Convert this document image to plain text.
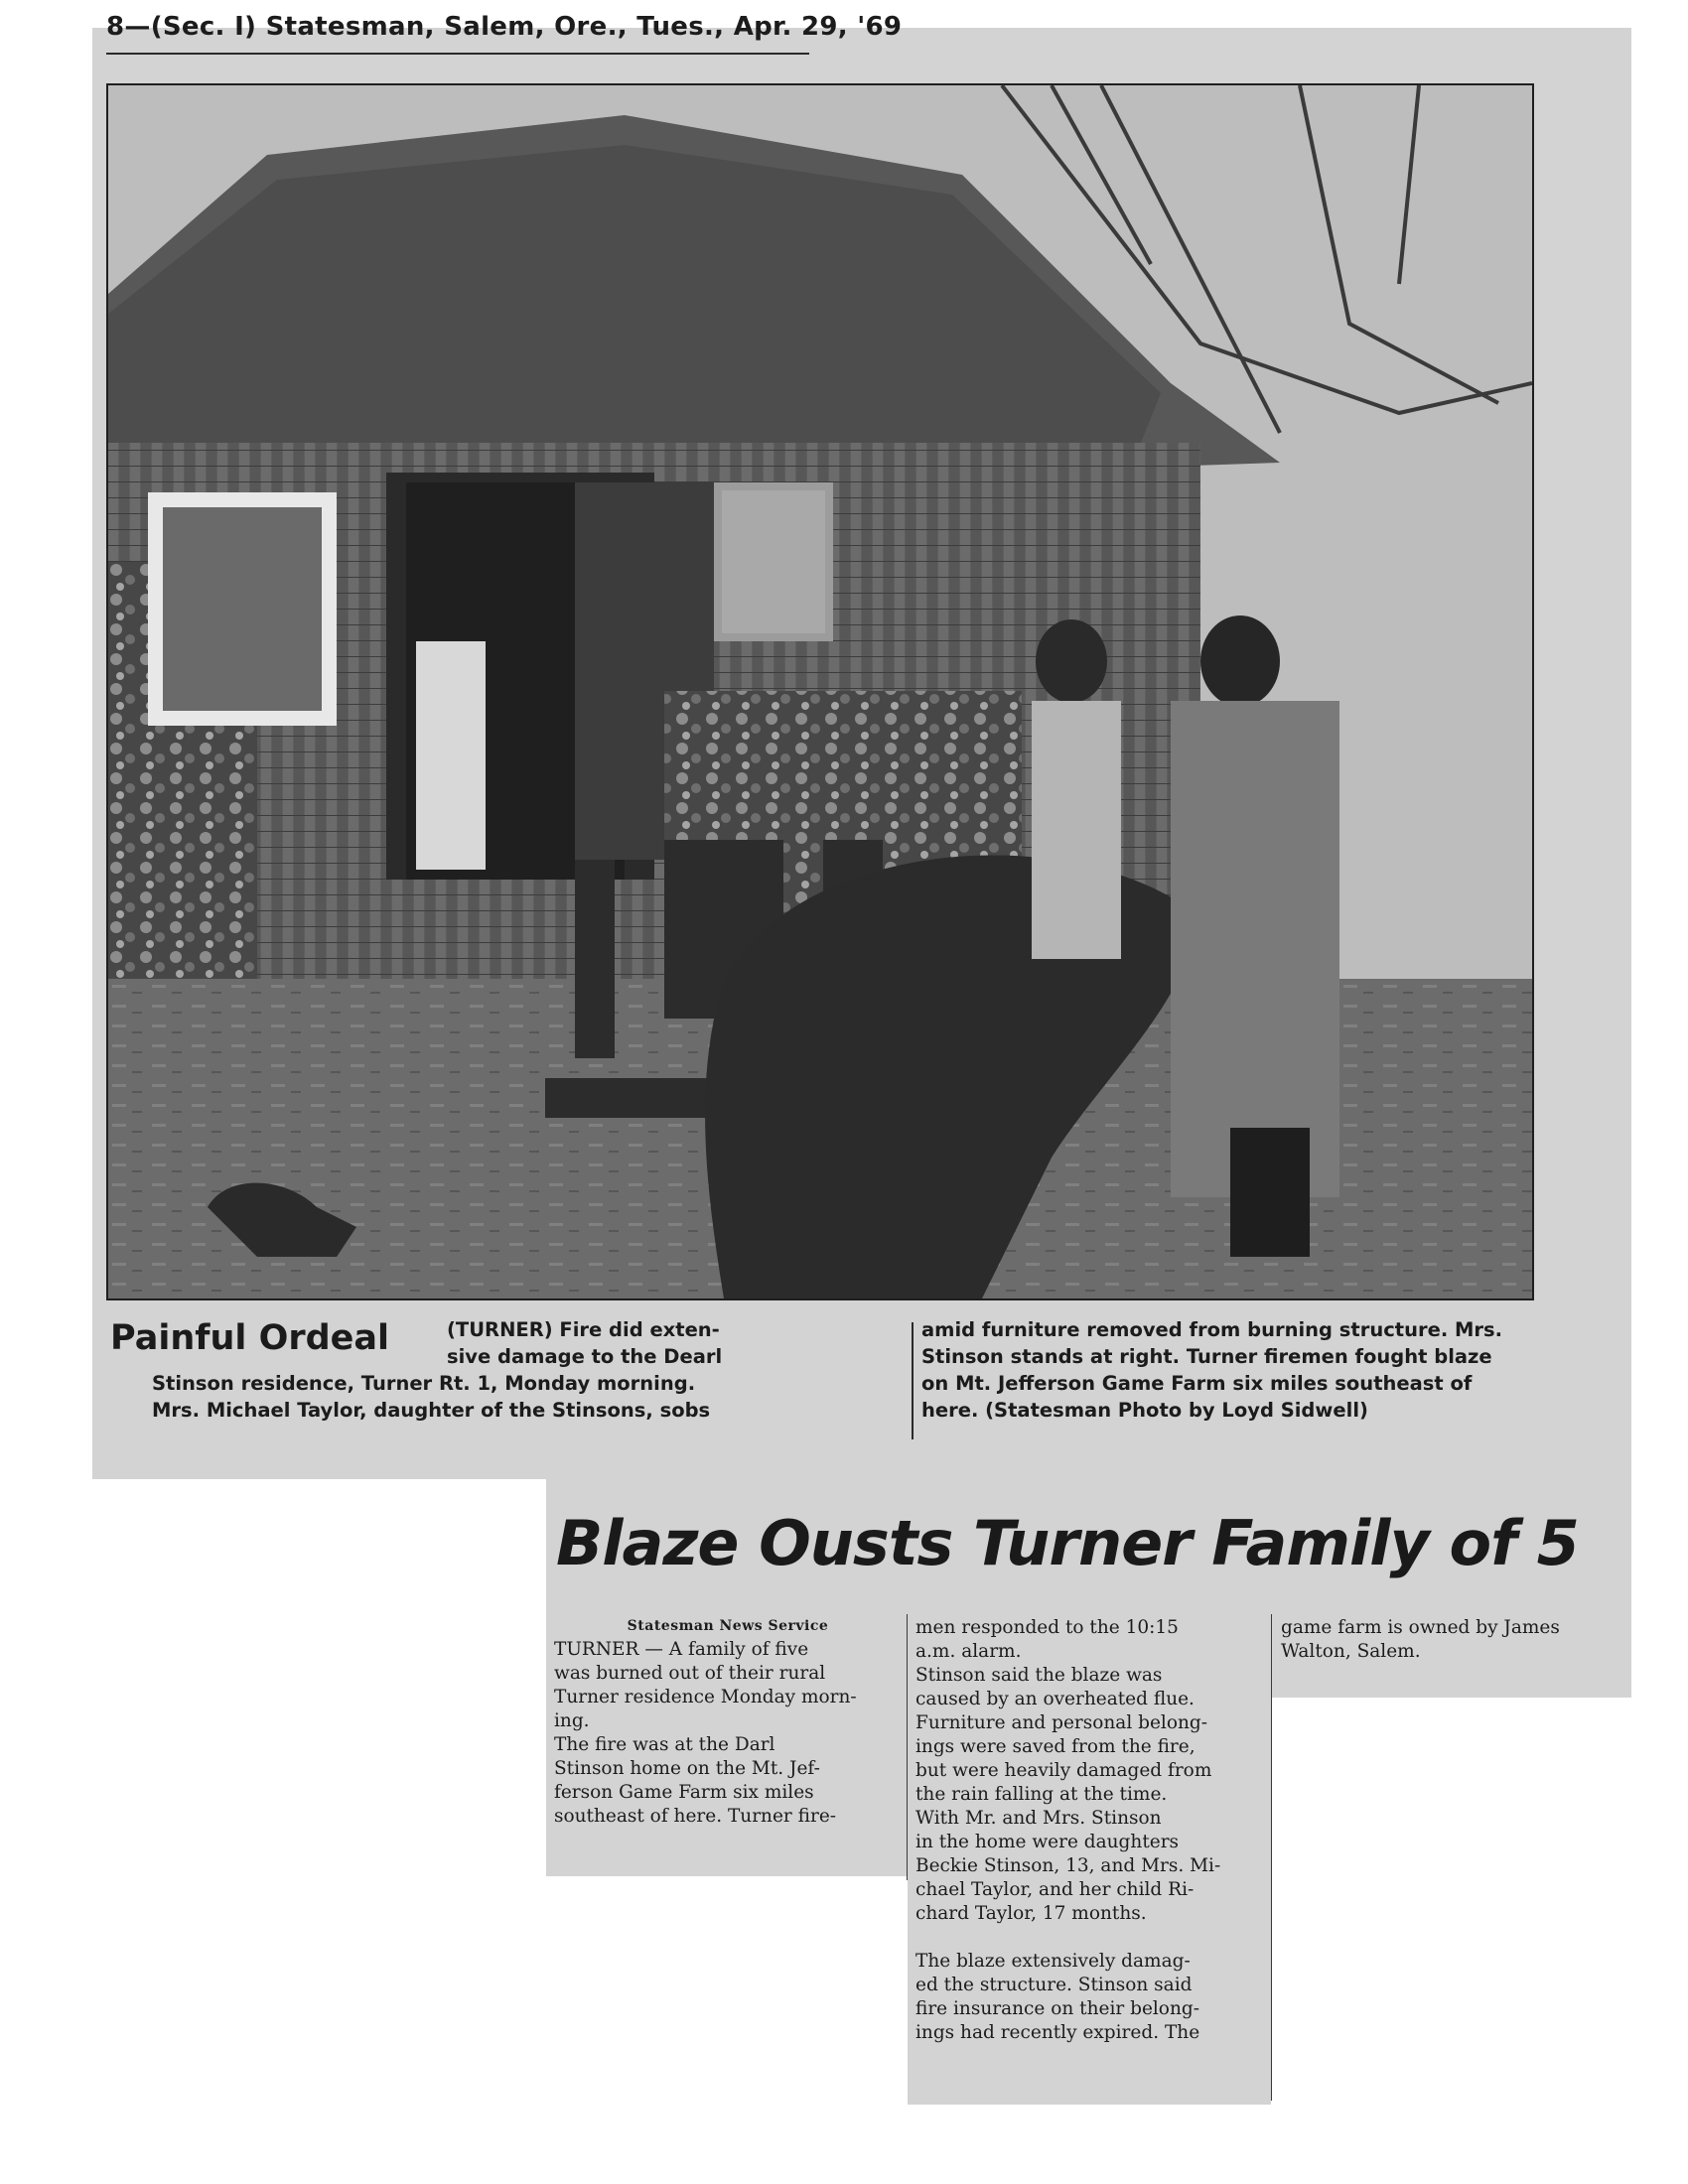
8—(Sec. I) Statesman, Salem, Ore., Tues., Apr. 29, '69
Painful Ordeal	(TURNER) Fire did exten-
sive damage to the Dearl
Stinson residence, Turner Rt. 1, Monday morning.
Mrs. Michael Taylor, daughter of the Stinsons, sobs
amid furniture removed from burning structure. Mrs.
Stinson stands at right. Turner firemen fought blaze
on Mt. Jefferson Game Farm six miles southeast of
here. (Statesman Photo by Loyd Sidwell)
Blaze Ousts Turner Family of 5
Statesman News Service
TURNER — A family of five
was burned out of their rural
Turner residence Monday morn-
ing.
The fire was at the Darl
Stinson home on the Mt. Jef-
ferson Game Farm six miles
southeast of here. Turner fire-
men responded to the 10:15
a.m. alarm.
Stinson said the blaze was
caused by an overheated flue.
Furniture and personal belong-
ings were saved from the fire,
but were heavily damaged from
the rain falling at the time.
With Mr. and Mrs. Stinson
in the home were daughters
Beckie Stinson, 13, and Mrs. Mi-
chael Taylor, and her child Ri-
chard Taylor, 17 months.

The blaze extensively damag-
ed the structure. Stinson said
fire insurance on their belong-
ings had recently expired. The
game farm is owned by James
Walton, Salem.
